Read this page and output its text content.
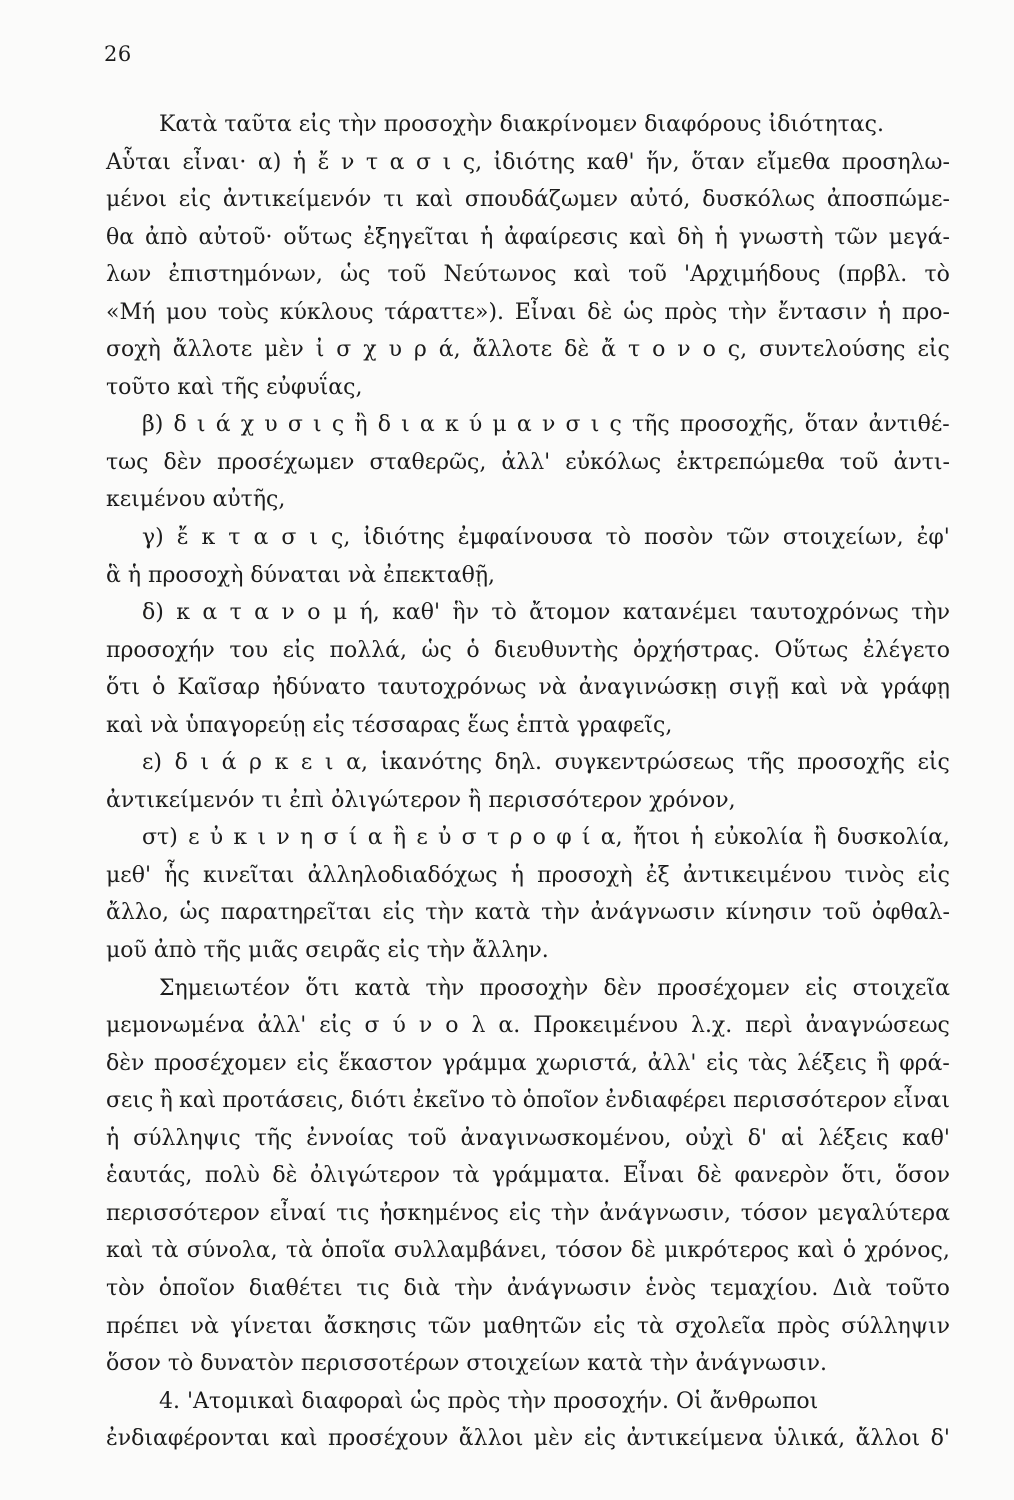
26
Κατὰ ταῦτα εἰς τὴν προσοχὴν διακρίνομεν διαφόρους ἰδιότητας.
Αὗται εἶναι· α) ἡ ἔ ν τ α σ ι ς, ἰδιότης καθ' ἥν, ὅταν εἴμεθα προσηλω-
μένοι εἰς ἀντικείμενόν τι καὶ σπουδάζωμεν αὐτό, δυσκόλως ἀποσπώμε-
θα ἀπὸ αὐτοῦ· οὕτως ἐξηγεῖται ἡ ἀφαίρεσις καὶ δὴ ἡ γνωστὴ τῶν μεγά-
λων ἐπιστημόνων, ὡς τοῦ Νεύτωνος καὶ τοῦ 'Αρχιμήδους (πρβλ. τὸ
«Μή μου τοὺς κύκλους τάραττε»). Εἶναι δὲ ὡς πρὸς τὴν ἔντασιν ἡ προ-
σοχὴ ἄλλοτε μὲν ἰ σ χ υ ρ ά, ἄλλοτε δὲ ἄ τ ο ν ο ς, συντελούσης εἰς
τοῦτο καὶ τῆς εὐφυΐας,
β) δ ι ά χ υ σ ι ς ἢ δ ι α κ ύ μ α ν σ ι ς τῆς προσοχῆς, ὅταν ἀντιθέ-
τως δὲν προσέχωμεν σταθερῶς, ἀλλ' εὐκόλως ἐκτρεπώμεθα τοῦ ἀντι-
κειμένου αὐτῆς,
γ) ἔ κ τ α σ ι ς, ἰδιότης ἐμφαίνουσα τὸ ποσὸν τῶν στοιχείων, ἐφ'
ἃ ἡ προσοχὴ δύναται νὰ ἐπεκταθῇ,
δ) κ α τ α ν ο μ ή, καθ' ἣν τὸ ἄτομον κατανέμει ταυτοχρόνως τὴν
προσοχήν του εἰς πολλά, ὡς ὁ διευθυντὴς ὀρχήστρας. Οὕτως ἐλέγετο
ὅτι ὁ Καῖσαρ ἠδύνατο ταυτοχρόνως νὰ ἀναγινώσκῃ σιγῇ καὶ νὰ γράφῃ
καὶ νὰ ὑπαγορεύῃ εἰς τέσσαρας ἕως ἑπτὰ γραφεῖς,
ε) δ ι ά ρ κ ε ι α, ἱκανότης δηλ. συγκεντρώσεως τῆς προσοχῆς εἰς
ἀντικείμενόν τι ἐπὶ ὀλιγώτερον ἢ περισσότερον χρόνον,
στ) ε ὐ κ ι ν η σ ί α ἢ ε ὐ σ τ ρ ο φ ί α, ἤτοι ἡ εὐκολία ἢ δυσκολία,
μεθ' ἧς κινεῖται ἀλληλοδιαδόχως ἡ προσοχὴ ἐξ ἀντικειμένου τινὸς εἰς
ἄλλο, ὡς παρατηρεῖται εἰς τὴν κατὰ τὴν ἀνάγνωσιν κίνησιν τοῦ ὀφθαλ-
μοῦ ἀπὸ τῆς μιᾶς σειρᾶς εἰς τὴν ἄλλην.
Σημειωτέον ὅτι κατὰ τὴν προσοχὴν δὲν προσέχομεν εἰς στοιχεῖα
μεμονωμένα ἀλλ' εἰς σ ύ ν ο λ α. Προκειμένου λ.χ. περὶ ἀναγνώσεως
δὲν προσέχομεν εἰς ἕκαστον γράμμα χωριστά, ἀλλ' εἰς τὰς λέξεις ἢ φρά-
σεις ἢ καὶ προτάσεις, διότι ἐκεῖνο τὸ ὁποῖον ἐνδιαφέρει περισσότερον εἶναι
ἡ σύλληψις τῆς ἐννοίας τοῦ ἀναγινωσκομένου, οὐχὶ δ' αἱ λέξεις καθ'
ἑαυτάς, πολὺ δὲ ὀλιγώτερον τὰ γράμματα. Εἶναι δὲ φανερὸν ὅτι, ὅσον
περισσότερον εἶναί τις ἠσκημένος εἰς τὴν ἀνάγνωσιν, τόσον μεγαλύτερα
καὶ τὰ σύνολα, τὰ ὁποῖα συλλαμβάνει, τόσον δὲ μικρότερος καὶ ὁ χρόνος,
τὸν ὁποῖον διαθέτει τις διὰ τὴν ἀνάγνωσιν ἑνὸς τεμαχίου. Διὰ τοῦτο
πρέπει νὰ γίνεται ἄσκησις τῶν μαθητῶν εἰς τὰ σχολεῖα πρὸς σύλληψιν
ὅσον τὸ δυνατὸν περισσοτέρων στοιχείων κατὰ τὴν ἀνάγνωσιν.
4. 'Ατομικαὶ διαφοραὶ ὡς πρὸς τὴν προσοχήν. Οἱ ἄνθρωποι
ἐνδιαφέρονται καὶ προσέχουν ἄλλοι μὲν εἰς ἀντικείμενα ὑλικά, ἄλλοι δ'
